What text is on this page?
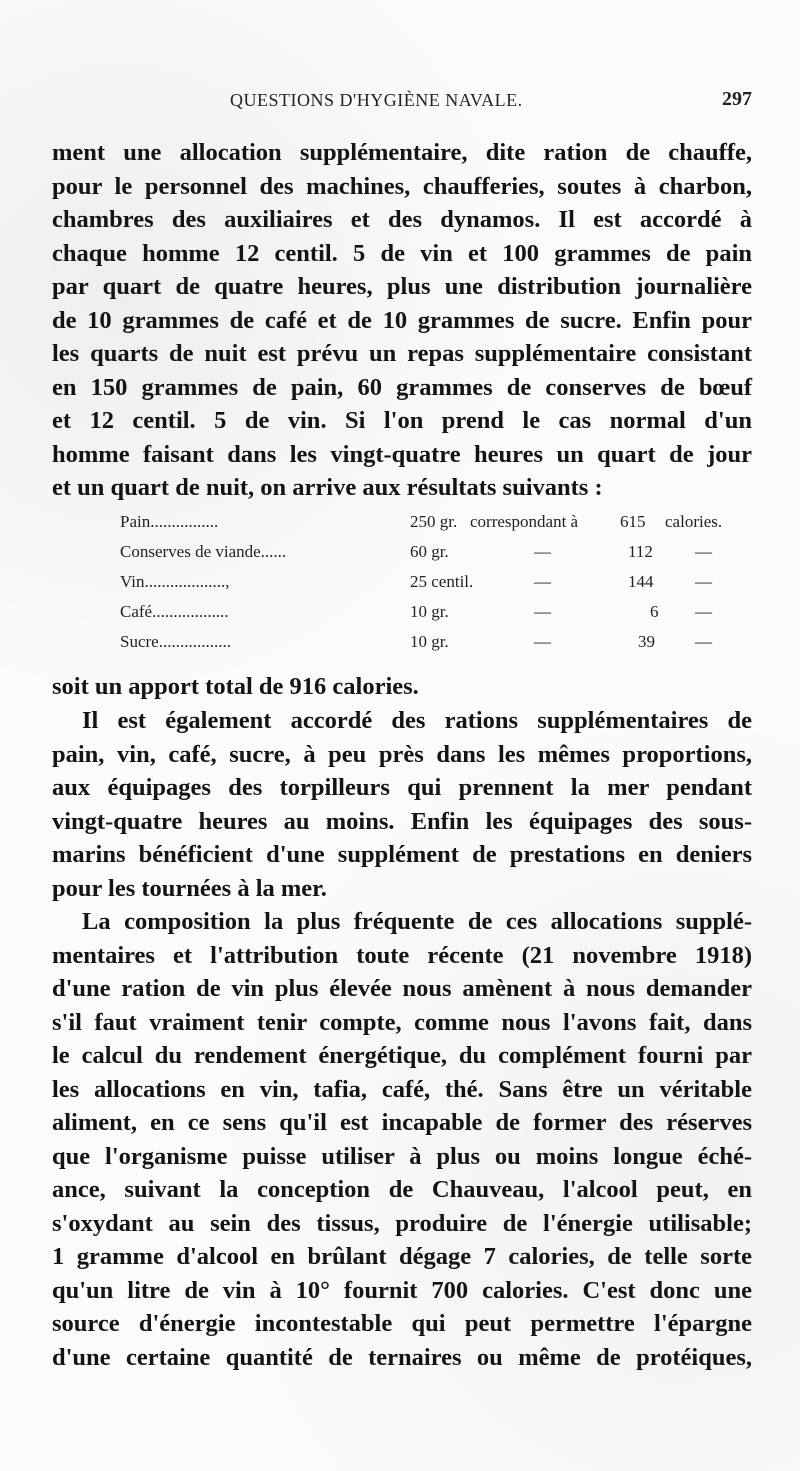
QUESTIONS D'HYGIÈNE NAVALE.	297
ment une allocation supplémentaire, dite ration de chauffe,
pour le personnel des machines, chaufferies, soutes à charbon,
chambres des auxiliaires et des dynamos. Il est accordé à
chaque homme 12 centil. 5 de vin et 100 grammes de pain
par quart de quatre heures, plus une distribution journalière
de 10 grammes de café et de 10 grammes de sucre. Enfin pour
les quarts de nuit est prévu un repas supplémentaire consistant
en 150 grammes de pain, 60 grammes de conserves de bœuf
et 12 centil. 5 de vin. Si l'on prend le cas normal d'un
homme faisant dans les vingt-quatre heures un quart de jour
et un quart de nuit, on arrive aux résultats suivants :
Pain................	250 gr. correspondant à 615 calories.
Conserves de viande......	60 gr.	—	112 —
Vin...................,	25 centil.	—	144 —
Café..................	10 gr.	—	6 —
Sucre.................	10 gr.	—	39 —
soit un apport total de 916 calories.
Il est également accordé des rations supplémentaires de
pain, vin, café, sucre, à peu près dans les mêmes proportions,
aux équipages des torpilleurs qui prennent la mer pendant
vingt-quatre heures au moins. Enfin les équipages des sous-
marins bénéficient d'une supplément de prestations en deniers
pour les tournées à la mer.
La composition la plus fréquente de ces allocations supplé-
mentaires et l'attribution toute récente (21 novembre 1918)
d'une ration de vin plus élevée nous amènent à nous demander
s'il faut vraiment tenir compte, comme nous l'avons fait, dans
le calcul du rendement énergétique, du complément fourni par
les allocations en vin, tafia, café, thé. Sans être un véritable
aliment, en ce sens qu'il est incapable de former des réserves
que l'organisme puisse utiliser à plus ou moins longue éché-
ance, suivant la conception de Chauveau, l'alcool peut, en
s'oxydant au sein des tissus, produire de l'énergie utilisable;
1 gramme d'alcool en brûlant dégage 7 calories, de telle sorte
qu'un litre de vin à 10° fournit 700 calories. C'est donc une
source d'énergie incontestable qui peut permettre l'épargne
d'une certaine quantité de ternaires ou même de protéiques,
